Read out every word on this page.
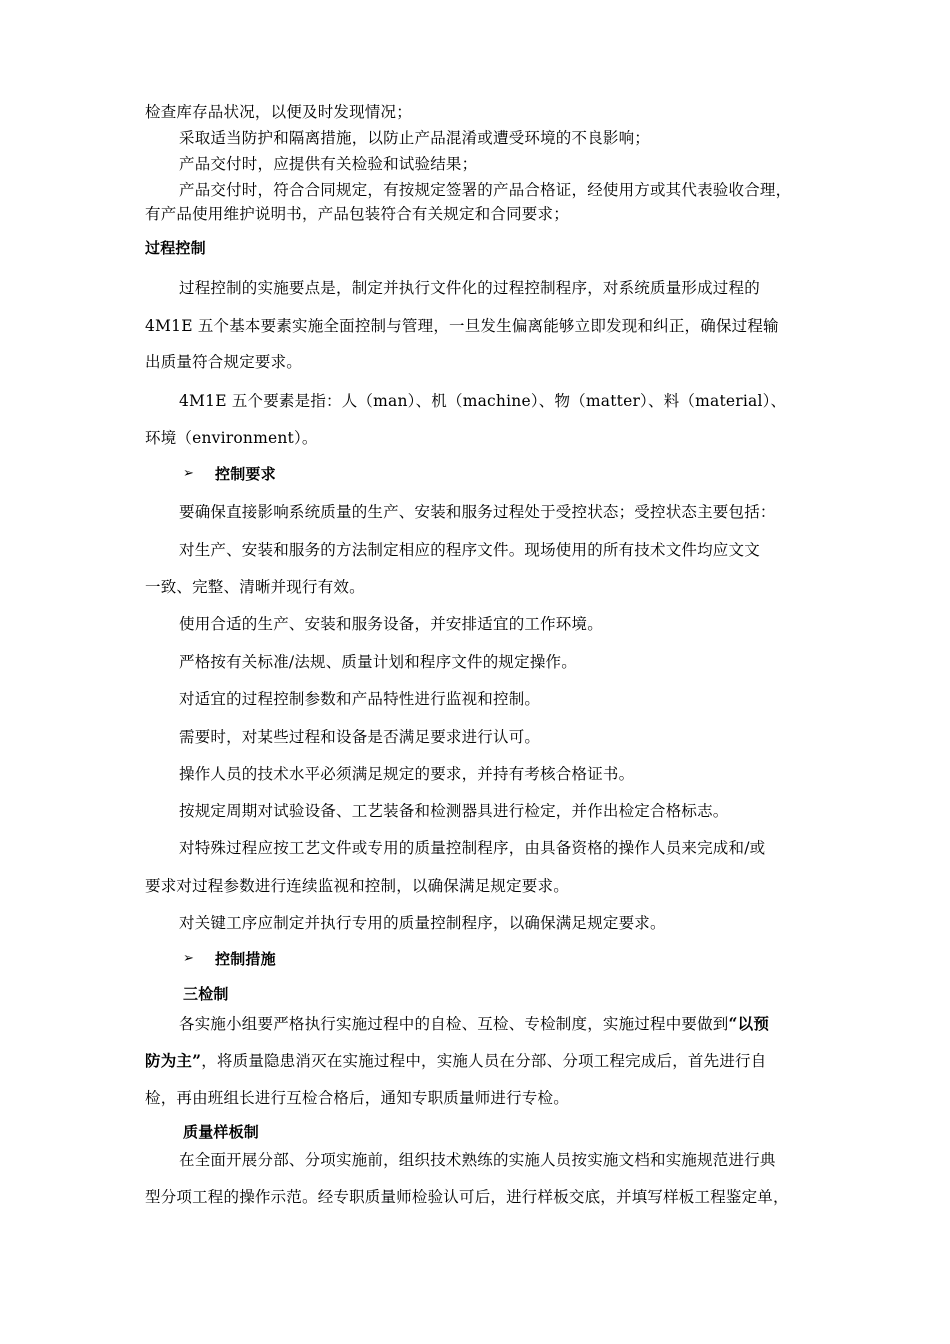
检查库存品状况，以便及时发现情况；
采取适当防护和隔离措施，以防止产品混淆或遭受环境的不良影响；
产品交付时，应提供有关检验和试验结果；
产品交付时，符合合同规定，有按规定签署的产品合格证，经使用方或其代表验收合理，
有产品使用维护说明书，产品包装符合有关规定和合同要求；
过程控制
过程控制的实施要点是，制定并执行文件化的过程控制程序，对系统质量形成过程的
4M1E 五个基本要素实施全面控制与管理，一旦发生偏离能够立即发现和纠正，确保过程输
出质量符合规定要求。
4M1E 五个要素是指：人（man）、机（machine）、物（matter）、料（material）、
环境（environment）。
➢ 控制要求
要确保直接影响系统质量的生产、安装和服务过程处于受控状态；受控状态主要包括：
对生产、安装和服务的方法制定相应的程序文件。现场使用的所有技术文件均应文文
一致、完整、清晰并现行有效。
使用合适的生产、安装和服务设备，并安排适宜的工作环境。
严格按有关标准/法规、质量计划和程序文件的规定操作。
对适宜的过程控制参数和产品特性进行监视和控制。
需要时，对某些过程和设备是否满足要求进行认可。
操作人员的技术水平必须满足规定的要求，并持有考核合格证书。
按规定周期对试验设备、工艺装备和检测器具进行检定，并作出检定合格标志。
对特殊过程应按工艺文件或专用的质量控制程序，由具备资格的操作人员来完成和/或
要求对过程参数进行连续监视和控制，以确保满足规定要求。
对关键工序应制定并执行专用的质量控制程序，以确保满足规定要求。
➢ 控制措施
三检制
各实施小组要严格执行实施过程中的自检、互检、专检制度，实施过程中要做到“以预
防为主”，将质量隐患消灭在实施过程中，实施人员在分部、分项工程完成后，首先进行自
检，再由班组长进行互检合格后，通知专职质量师进行专检。
质量样板制
在全面开展分部、分项实施前，组织技术熟练的实施人员按实施文档和实施规范进行典
型分项工程的操作示范。经专职质量师检验认可后，进行样板交底，并填写样板工程鉴定单，
